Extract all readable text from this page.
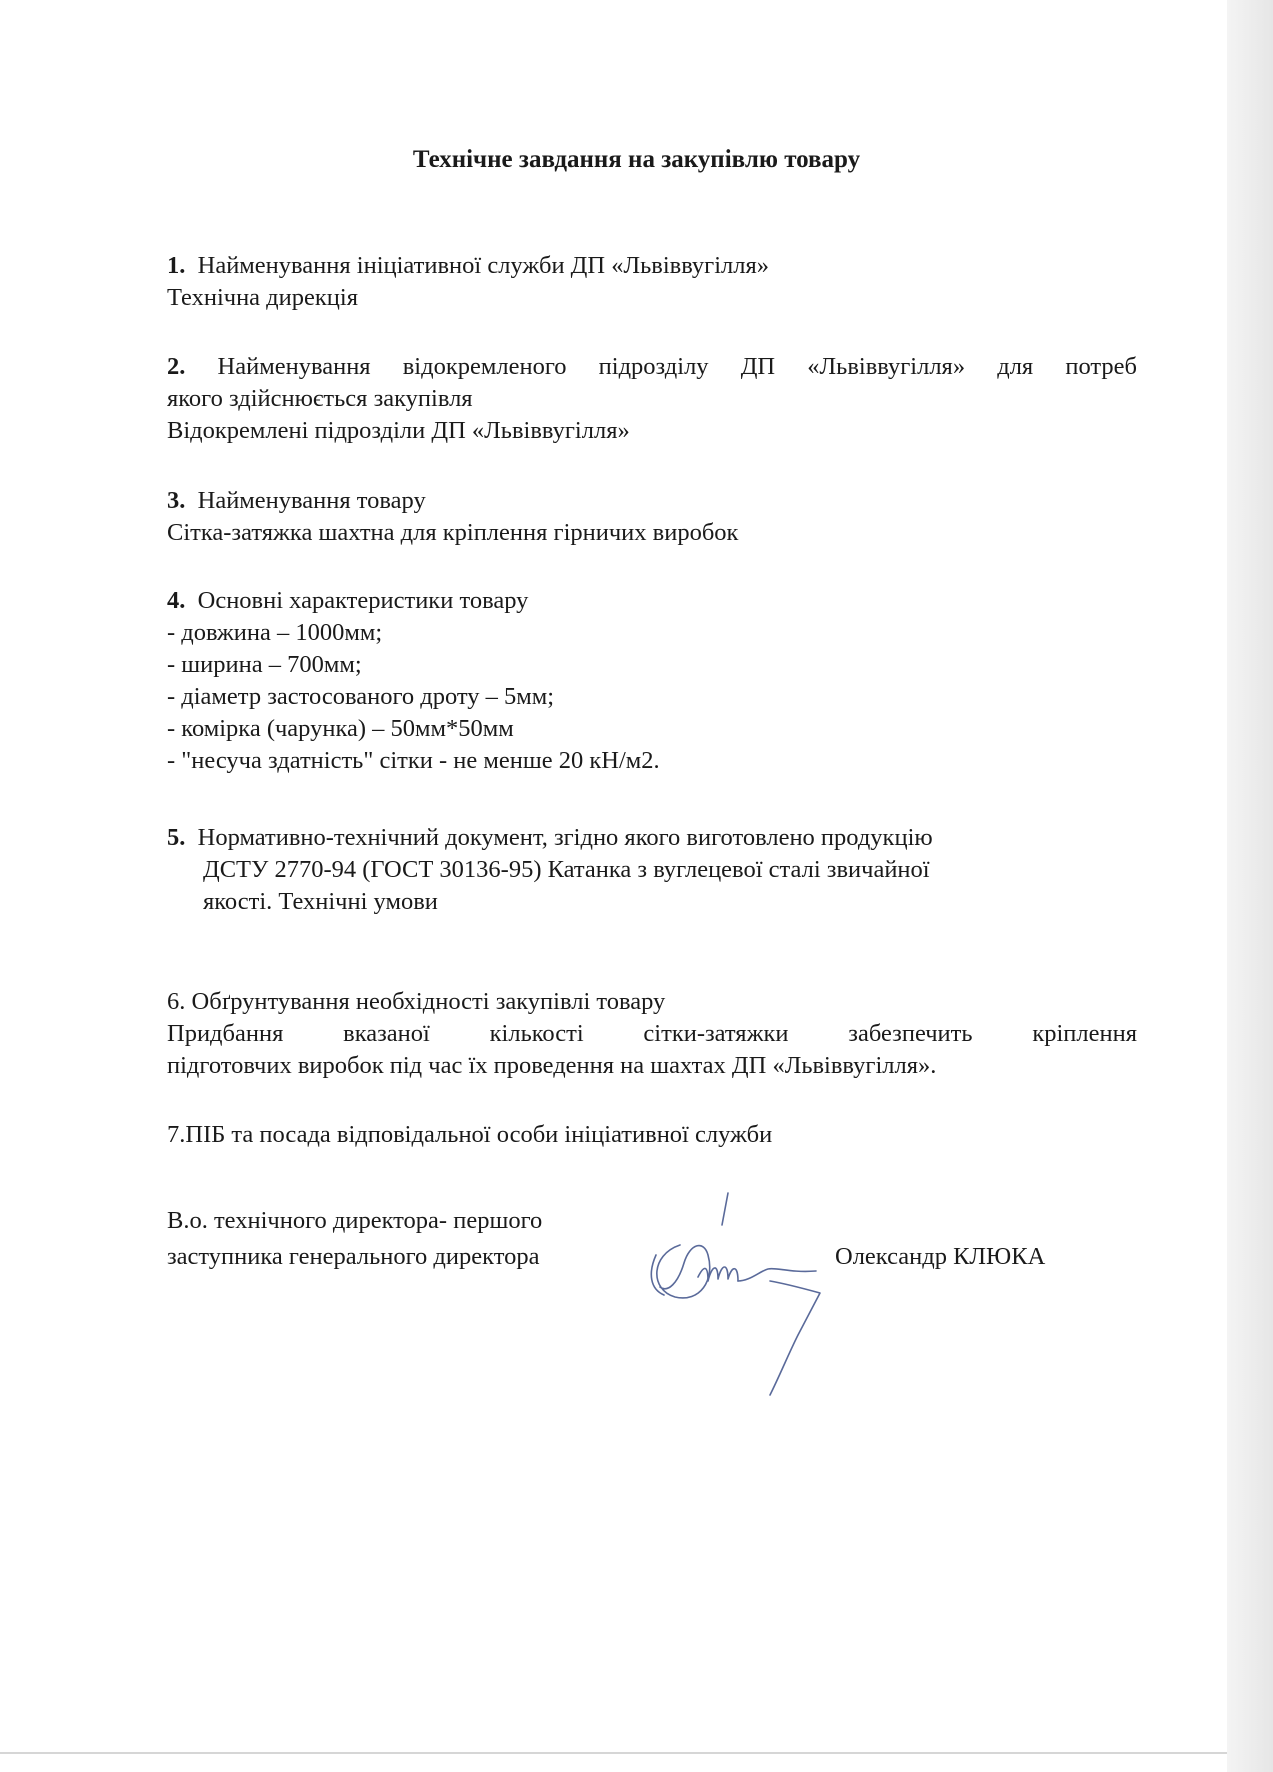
Технічне завдання на закупівлю товару
1. Найменування ініціативної служби ДП «Львіввугілля»
Технічна дирекція
2. Найменування відокремленого підрозділу ДП «Львіввугілля» для потреб
якого здійснюється закупівля
Відокремлені підрозділи ДП «Львіввугілля»
3. Найменування товару
Сітка-затяжка шахтна для кріплення гірничих виробок
4. Основні характеристики товару
- довжина – 1000мм;
- ширина – 700мм;
- діаметр застосованого дроту – 5мм;
- комірка (чарунка) – 50мм*50мм
- "несуча здатність" сітки - не менше 20 кН/м2.
5. Нормативно-технічний документ, згідно якого виготовлено продукцію
ДСТУ 2770-94 (ГОСТ 30136-95) Катанка з вуглецевої сталі звичайної
якості. Технічні умови
6. Обґрунтування необхідності закупівлі товару
Придбання вказаної кількості сітки-затяжки забезпечить кріплення
підготовчих виробок під час їх проведення на шахтах ДП «Львіввугілля».
7.ПІБ та посада відповідальної особи ініціативної служби
В.о. технічного директора- першого
заступника генерального директора	Олександр КЛЮКА
